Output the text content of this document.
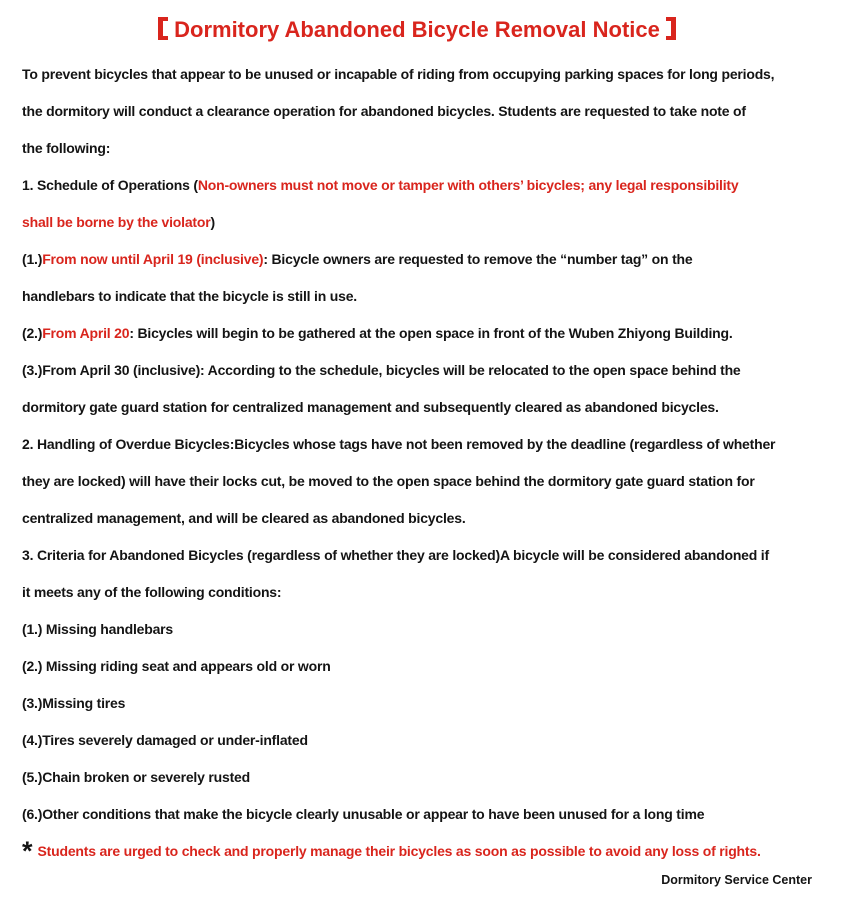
Dormitory Abandoned Bicycle Removal Notice
To prevent bicycles that appear to be unused or incapable of riding from occupying parking spaces for long periods,
the dormitory will conduct a clearance operation for abandoned bicycles. Students are requested to take note of
the following:
1. Schedule of Operations (Non-owners must not move or tamper with others’ bicycles; any legal responsibility
shall be borne by the violator)
(1.)From now until April 19 (inclusive): Bicycle owners are requested to remove the “number tag” on the
handlebars to indicate that the bicycle is still in use.
(2.)From April 20: Bicycles will begin to be gathered at the open space in front of the Wuben Zhiyong Building.
(3.)From April 30 (inclusive): According to the schedule, bicycles will be relocated to the open space behind the
dormitory gate guard station for centralized management and subsequently cleared as abandoned bicycles.
2. Handling of Overdue Bicycles:Bicycles whose tags have not been removed by the deadline (regardless of whether
they are locked) will have their locks cut, be moved to the open space behind the dormitory gate guard station for
centralized management, and will be cleared as abandoned bicycles.
3. Criteria for Abandoned Bicycles (regardless of whether they are locked)A bicycle will be considered abandoned if
it meets any of the following conditions:
(1.) Missing handlebars
(2.) Missing riding seat and appears old or worn
(3.)Missing tires
(4.)Tires severely damaged or under-inflated
(5.)Chain broken or severely rusted
(6.)Other conditions that make the bicycle clearly unusable or appear to have been unused for a long time
* Students are urged to check and properly manage their bicycles as soon as possible to avoid any loss of rights.
Dormitory Service Center
